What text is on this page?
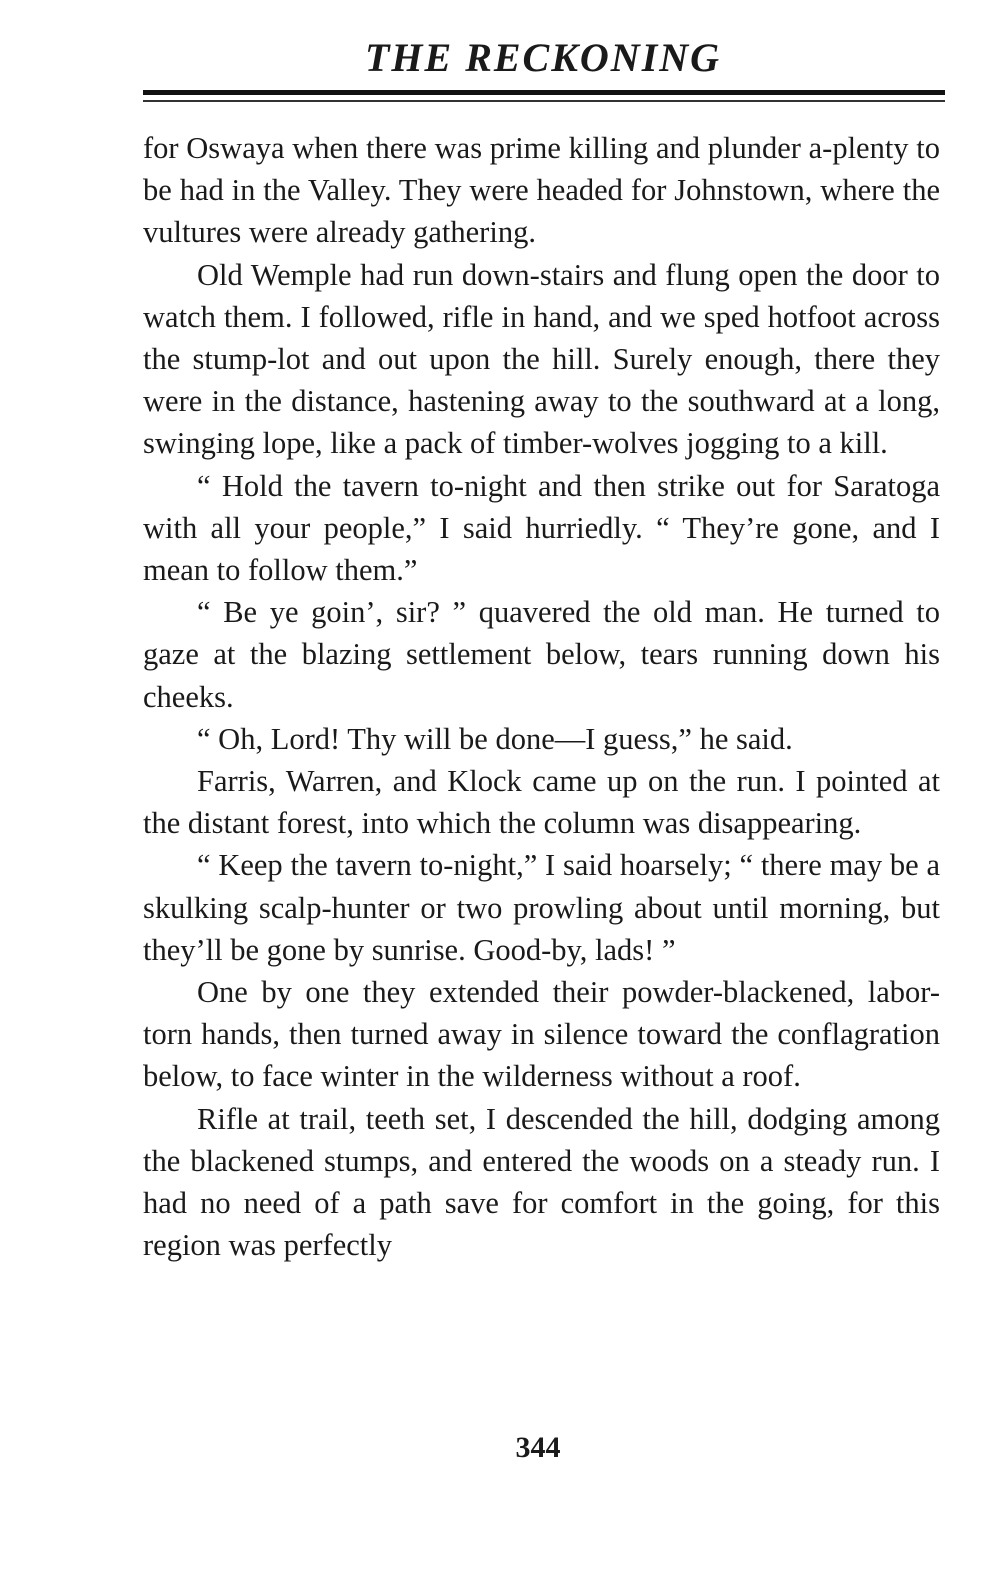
THE RECKONING

for Oswaya when there was prime killing and plunder a-plenty to be had in the Valley. They were headed for Johnstown, where the vultures were already gathering.

Old Wemple had run down-stairs and flung open the door to watch them. I followed, rifle in hand, and we sped hotfoot across the stump-lot and out upon the hill. Surely enough, there they were in the distance, hastening away to the southward at a long, swinging lope, like a pack of timber-wolves jogging to a kill.

“ Hold the tavern to-night and then strike out for Saratoga with all your people,” I said hurriedly. “ They’re gone, and I mean to follow them.”

“ Be ye goin’, sir? ” quavered the old man. He turned to gaze at the blazing settlement below, tears running down his cheeks.

“ Oh, Lord! Thy will be done—I guess,” he said.

Farris, Warren, and Klock came up on the run. I pointed at the distant forest, into which the column was disappearing.

“ Keep the tavern to-night,” I said hoarsely; “ there may be a skulking scalp-hunter or two prowling about until morning, but they’ll be gone by sunrise. Good-by, lads! ”

One by one they extended their powder-blackened, labor-torn hands, then turned away in silence toward the conflagration below, to face winter in the wilderness without a roof.

Rifle at trail, teeth set, I descended the hill, dodging among the blackened stumps, and entered the woods on a steady run. I had no need of a path save for comfort in the going, for this region was perfectly

344
